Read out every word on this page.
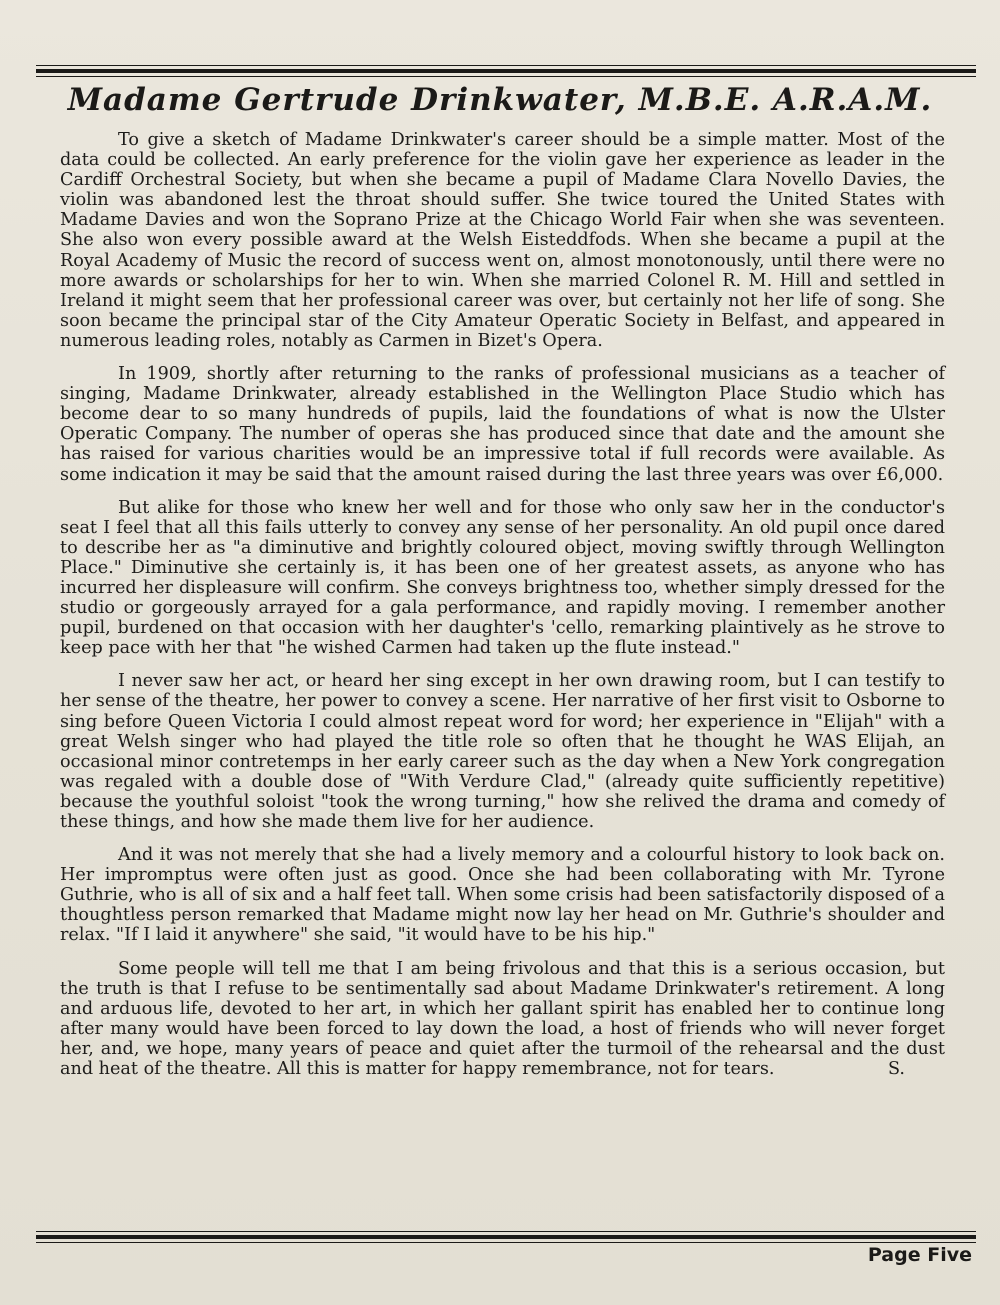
Madame Gertrude Drinkwater, M.B.E. A.R.A.M.

To give a sketch of Madame Drinkwater's career should be a simple matter. Most of the data could be collected. An early preference for the violin gave her experience as leader in the Cardiff Orchestral Society, but when she became a pupil of Madame Clara Novello Davies, the violin was abandoned lest the throat should suffer. She twice toured the United States with Madame Davies and won the Soprano Prize at the Chicago World Fair when she was seventeen. She also won every possible award at the Welsh Eisteddfods. When she became a pupil at the Royal Academy of Music the record of success went on, almost monotonously, until there were no more awards or scholarships for her to win. When she married Colonel R. M. Hill and settled in Ireland it might seem that her professional career was over, but certainly not her life of song. She soon became the principal star of the City Amateur Operatic Society in Belfast, and appeared in numerous leading roles, notably as Carmen in Bizet's Opera.

In 1909, shortly after returning to the ranks of professional musicians as a teacher of singing, Madame Drinkwater, already established in the Wellington Place Studio which has become dear to so many hundreds of pupils, laid the foundations of what is now the Ulster Operatic Company. The number of operas she has produced since that date and the amount she has raised for various charities would be an impressive total if full records were available. As some indication it may be said that the amount raised during the last three years was over £6,000.

But alike for those who knew her well and for those who only saw her in the conductor's seat I feel that all this fails utterly to convey any sense of her personality. An old pupil once dared to describe her as "a diminutive and brightly coloured object, moving swiftly through Wellington Place." Diminutive she certainly is, it has been one of her greatest assets, as anyone who has incurred her displeasure will confirm. She conveys brightness too, whether simply dressed for the studio or gorgeously arrayed for a gala performance, and rapidly moving. I remember another pupil, burdened on that occasion with her daughter's 'cello, remarking plaintively as he strove to keep pace with her that "he wished Carmen had taken up the flute instead."

I never saw her act, or heard her sing except in her own drawing room, but I can testify to her sense of the theatre, her power to convey a scene. Her narrative of her first visit to Osborne to sing before Queen Victoria I could almost repeat word for word; her experience in "Elijah" with a great Welsh singer who had played the title role so often that he thought he WAS Elijah, an occasional minor contretemps in her early career such as the day when a New York congregation was regaled with a double dose of "With Verdure Clad," (already quite sufficiently repetitive) because the youthful soloist "took the wrong turning," how she relived the drama and comedy of these things, and how she made them live for her audience.

And it was not merely that she had a lively memory and a colourful history to look back on. Her impromptus were often just as good. Once she had been collaborating with Mr. Tyrone Guthrie, who is all of six and a half feet tall. When some crisis had been satisfactorily disposed of a thoughtless person remarked that Madame might now lay her head on Mr. Guthrie's shoulder and relax. "If I laid it anywhere" she said, "it would have to be his hip."

Some people will tell me that I am being frivolous and that this is a serious occasion, but the truth is that I refuse to be sentimentally sad about Madame Drinkwater's retirement. A long and arduous life, devoted to her art, in which her gallant spirit has enabled her to continue long after many would have been forced to lay down the load, a host of friends who will never forget her, and, we hope, many years of peace and quiet after the turmoil of the rehearsal and the dust and heat of the theatre. All this is matter for happy remembrance, not for tears.	S.

Page Five
